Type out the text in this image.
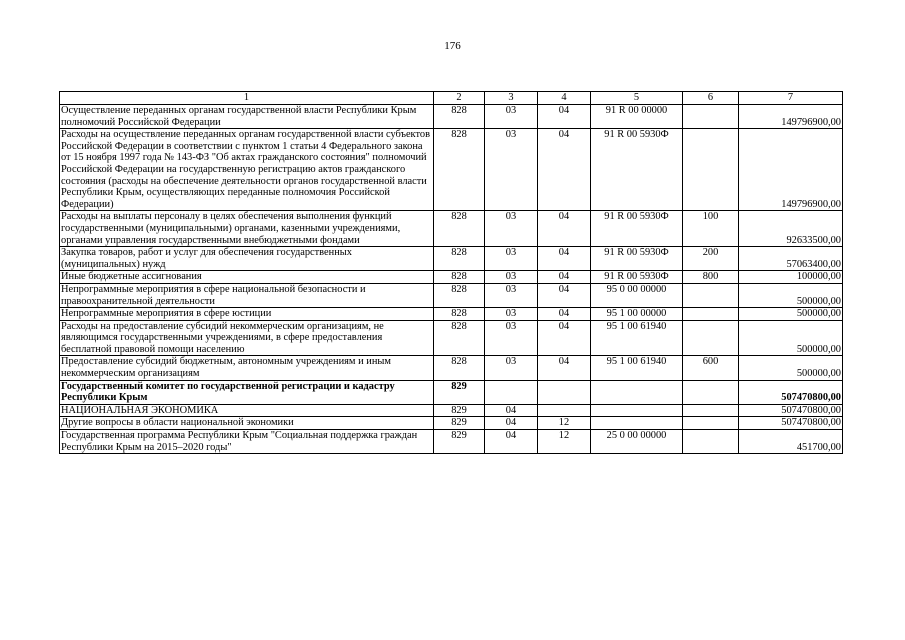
176
1	2	3	4	5	6	7
Осуществление переданных органам государственной власти Республики Крым полномочий Российской Федерации	828	03	04	91 R 00 00000		149796900,00
Расходы на осуществление переданных органам государственной власти субъектов Российской Федерации в соответствии с пунктом 1 статьи 4 Федерального закона от 15 ноября 1997 года № 143-ФЗ "Об актах гражданского состояния" полномочий Российской Федерации на государственную регистрацию актов гражданского состояния (расходы на обеспечение деятельности органов государственной власти Республики Крым, осуществляющих переданные полномочия Российской Федерации)	828	03	04	91 R 00 5930Ф		149796900,00
Расходы на выплаты персоналу в целях обеспечения выполнения функций государственными (муниципальными) органами, казенными учреждениями, органами управления государственными внебюджетными фондами	828	03	04	91 R 00 5930Ф	100	92633500,00
Закупка товаров, работ и услуг для обеспечения государственных (муниципальных) нужд	828	03	04	91 R 00 5930Ф	200	57063400,00
Иные бюджетные ассигнования	828	03	04	91 R 00 5930Ф	800	100000,00
Непрограммные мероприятия в сфере национальной безопасности и правоохранительной деятельности	828	03	04	95 0 00 00000		500000,00
Непрограммные мероприятия в сфере юстиции	828	03	04	95 1 00 00000		500000,00
Расходы на предоставление субсидий некоммерческим организациям, не являющимся государственными учреждениями, в сфере предоставления бесплатной правовой помощи населению	828	03	04	95 1 00 61940		500000,00
Предоставление субсидий бюджетным, автономным учреждениям и иным некоммерческим организациям	828	03	04	95 1 00 61940	600	500000,00
Государственный комитет по государственной регистрации и кадастру Республики Крым	829					507470800,00
НАЦИОНАЛЬНАЯ ЭКОНОМИКА	829	04				507470800,00
Другие вопросы в области национальной экономики	829	04	12			507470800,00
Государственная программа Республики Крым "Социальная поддержка граждан Республики Крым на 2015–2020 годы"	829	04	12	25 0 00 00000		451700,00
